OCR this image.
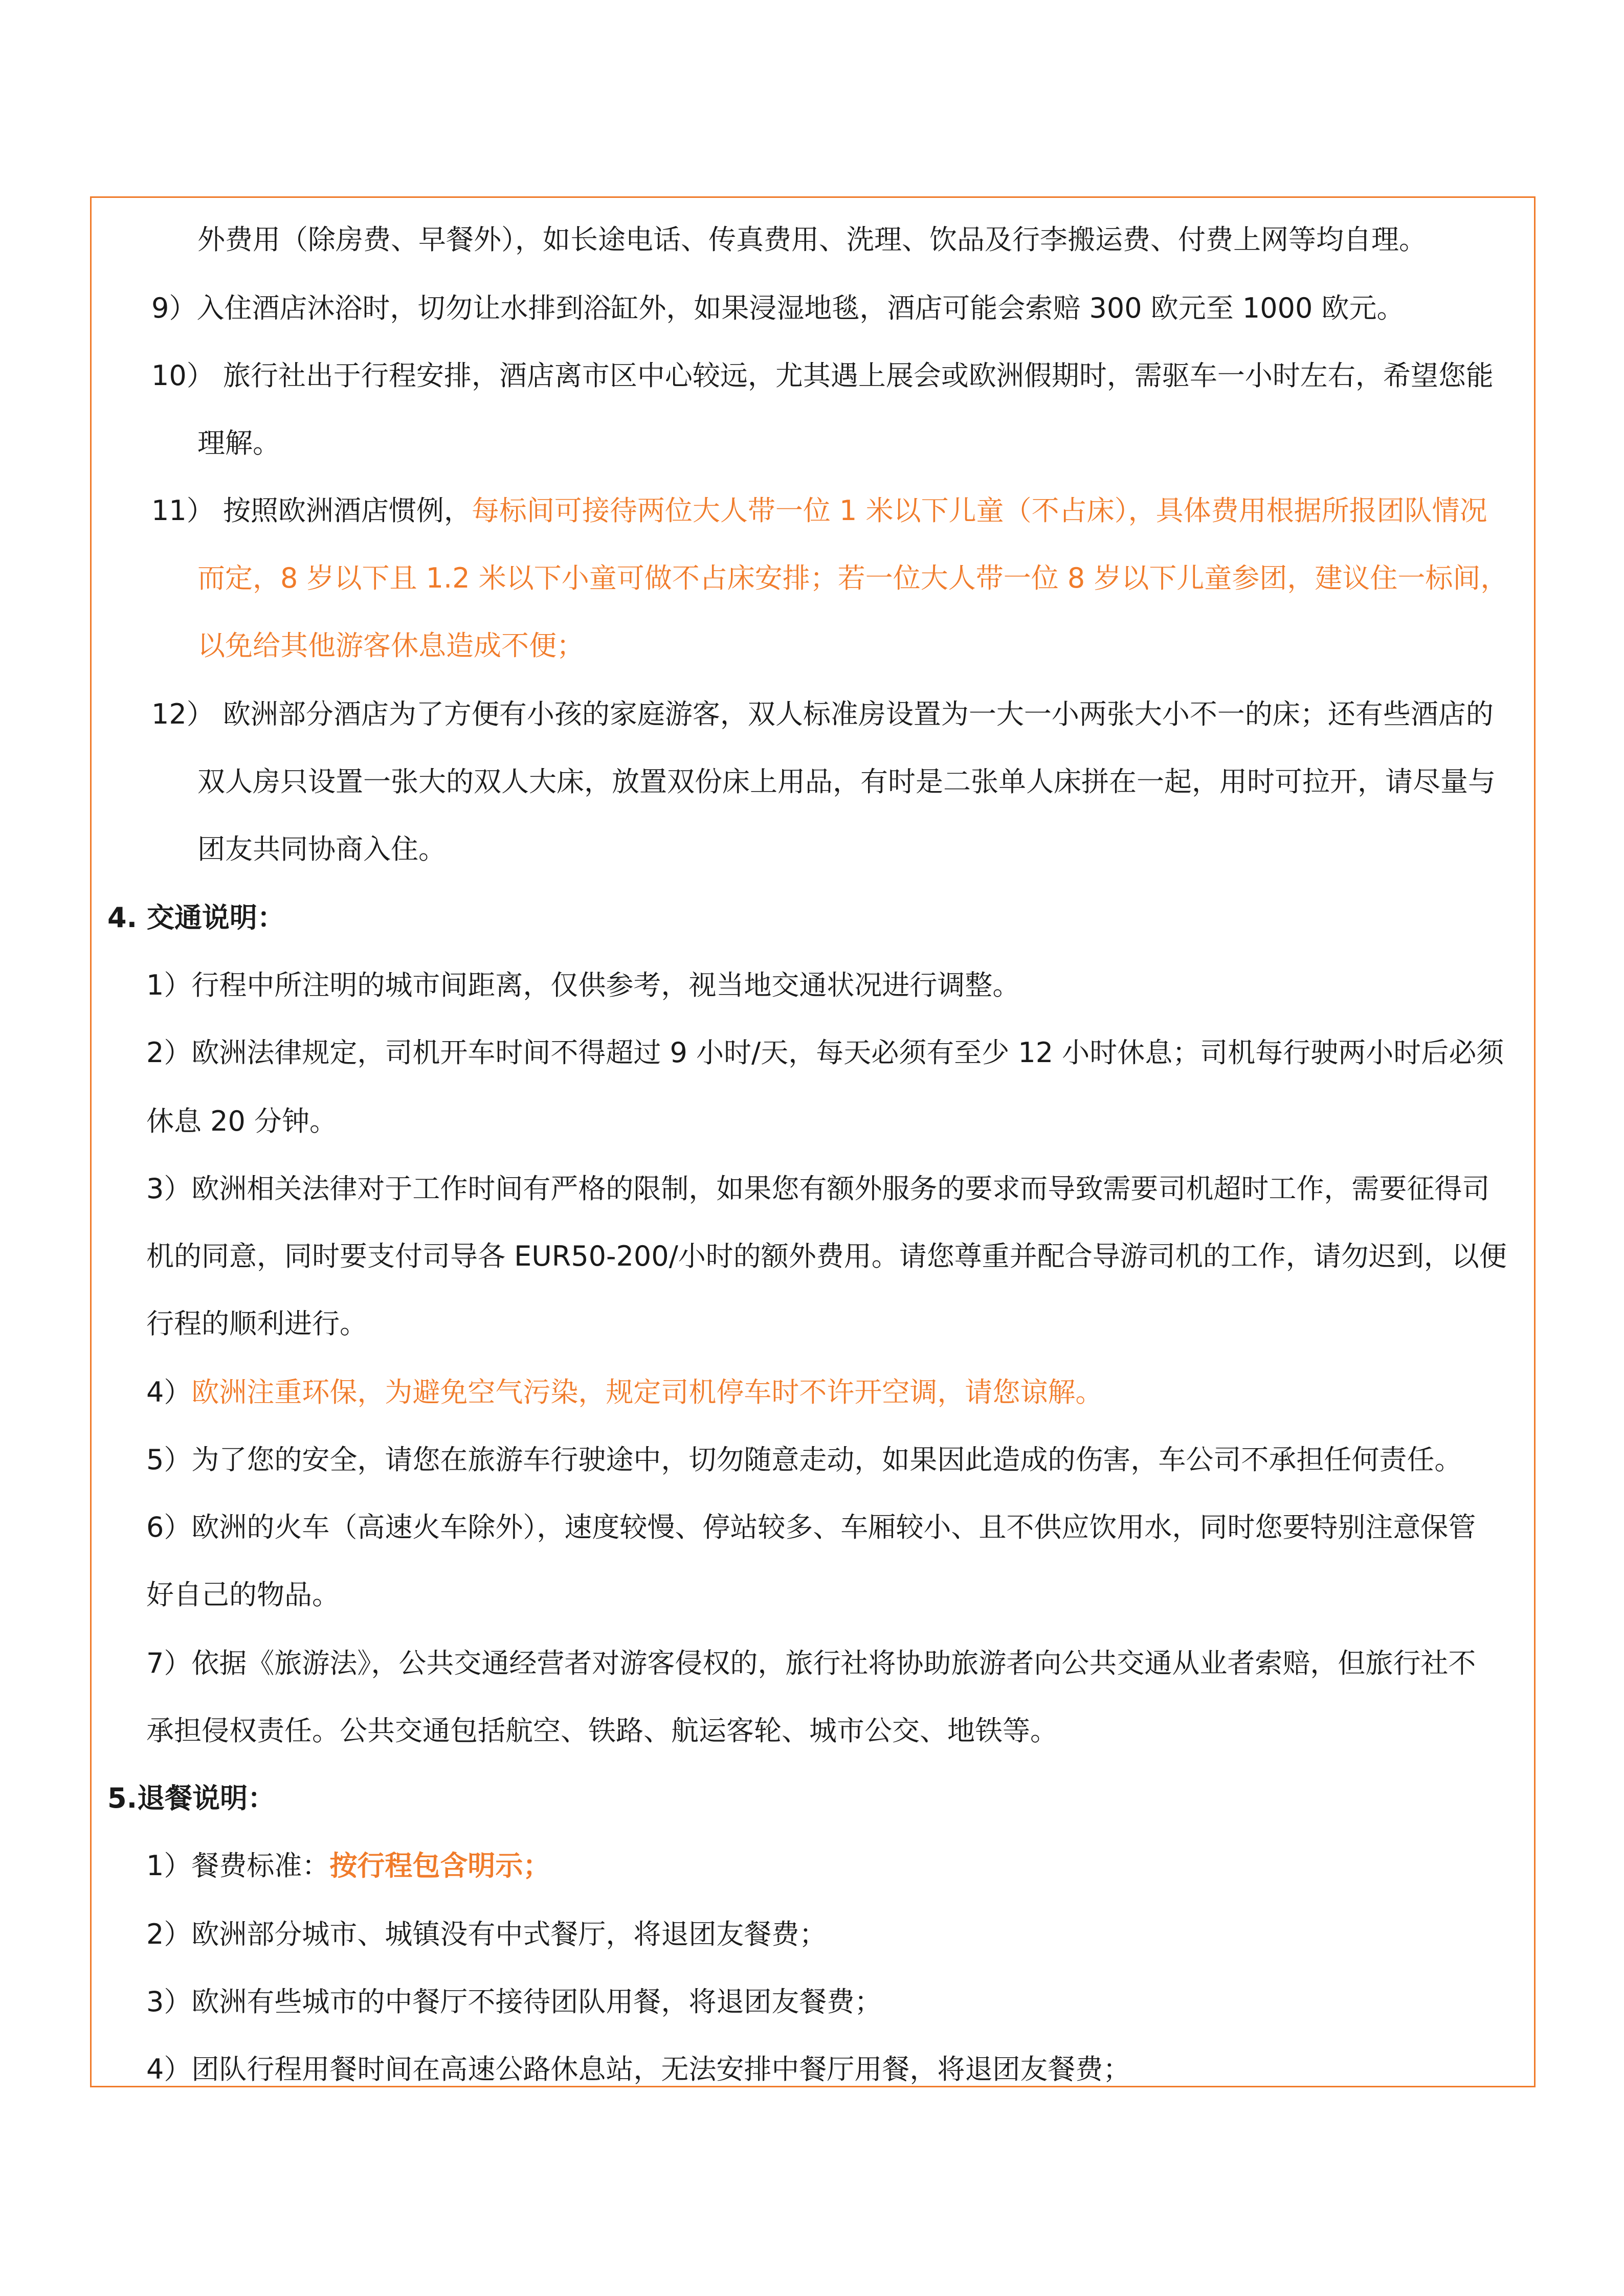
外费用（除房费、早餐外），如长途电话、传真费用、洗理、饮品及行李搬运费、付费上网等均自理。
9）入住酒店沐浴时，切勿让水排到浴缸外，如果浸湿地毯，酒店可能会索赔 300 欧元至 1000 欧元。
10） 旅行社出于行程安排，酒店离市区中心较远，尤其遇上展会或欧洲假期时，需驱车一小时左右，希望您能
理解。
11） 按照欧洲酒店惯例，每标间可接待两位大人带一位 1 米以下儿童（不占床），具体费用根据所报团队情况
而定，8 岁以下且 1.2 米以下小童可做不占床安排；若一位大人带一位 8 岁以下儿童参团，建议住一标间，
以免给其他游客休息造成不便；
12） 欧洲部分酒店为了方便有小孩的家庭游客，双人标准房设置为一大一小两张大小不一的床；还有些酒店的
双人房只设置一张大的双人大床，放置双份床上用品，有时是二张单人床拼在一起，用时可拉开，请尽量与
团友共同协商入住。
4. 交通说明：
1）行程中所注明的城市间距离，仅供参考，视当地交通状况进行调整。
2）欧洲法律规定，司机开车时间不得超过 9 小时/天，每天必须有至少 12 小时休息；司机每行驶两小时后必须
休息 20 分钟。
3）欧洲相关法律对于工作时间有严格的限制，如果您有额外服务的要求而导致需要司机超时工作，需要征得司
机的同意，同时要支付司导各 EUR50-200/小时的额外费用。请您尊重并配合导游司机的工作，请勿迟到，以便
行程的顺利进行。
4）欧洲注重环保，为避免空气污染，规定司机停车时不许开空调，请您谅解。
5）为了您的安全，请您在旅游车行驶途中，切勿随意走动，如果因此造成的伤害，车公司不承担任何责任。
6）欧洲的火车（高速火车除外），速度较慢、停站较多、车厢较小、且不供应饮用水，同时您要特别注意保管
好自己的物品。
7）依据《旅游法》，公共交通经营者对游客侵权的，旅行社将协助旅游者向公共交通从业者索赔，但旅行社不
承担侵权责任。公共交通包括航空、铁路、航运客轮、城市公交、地铁等。
5.退餐说明：
1）餐费标准：按行程包含明示；
2）欧洲部分城市、城镇没有中式餐厅，将退团友餐费；
3）欧洲有些城市的中餐厅不接待团队用餐，将退团友餐费；
4）团队行程用餐时间在高速公路休息站，无法安排中餐厅用餐，将退团友餐费；
